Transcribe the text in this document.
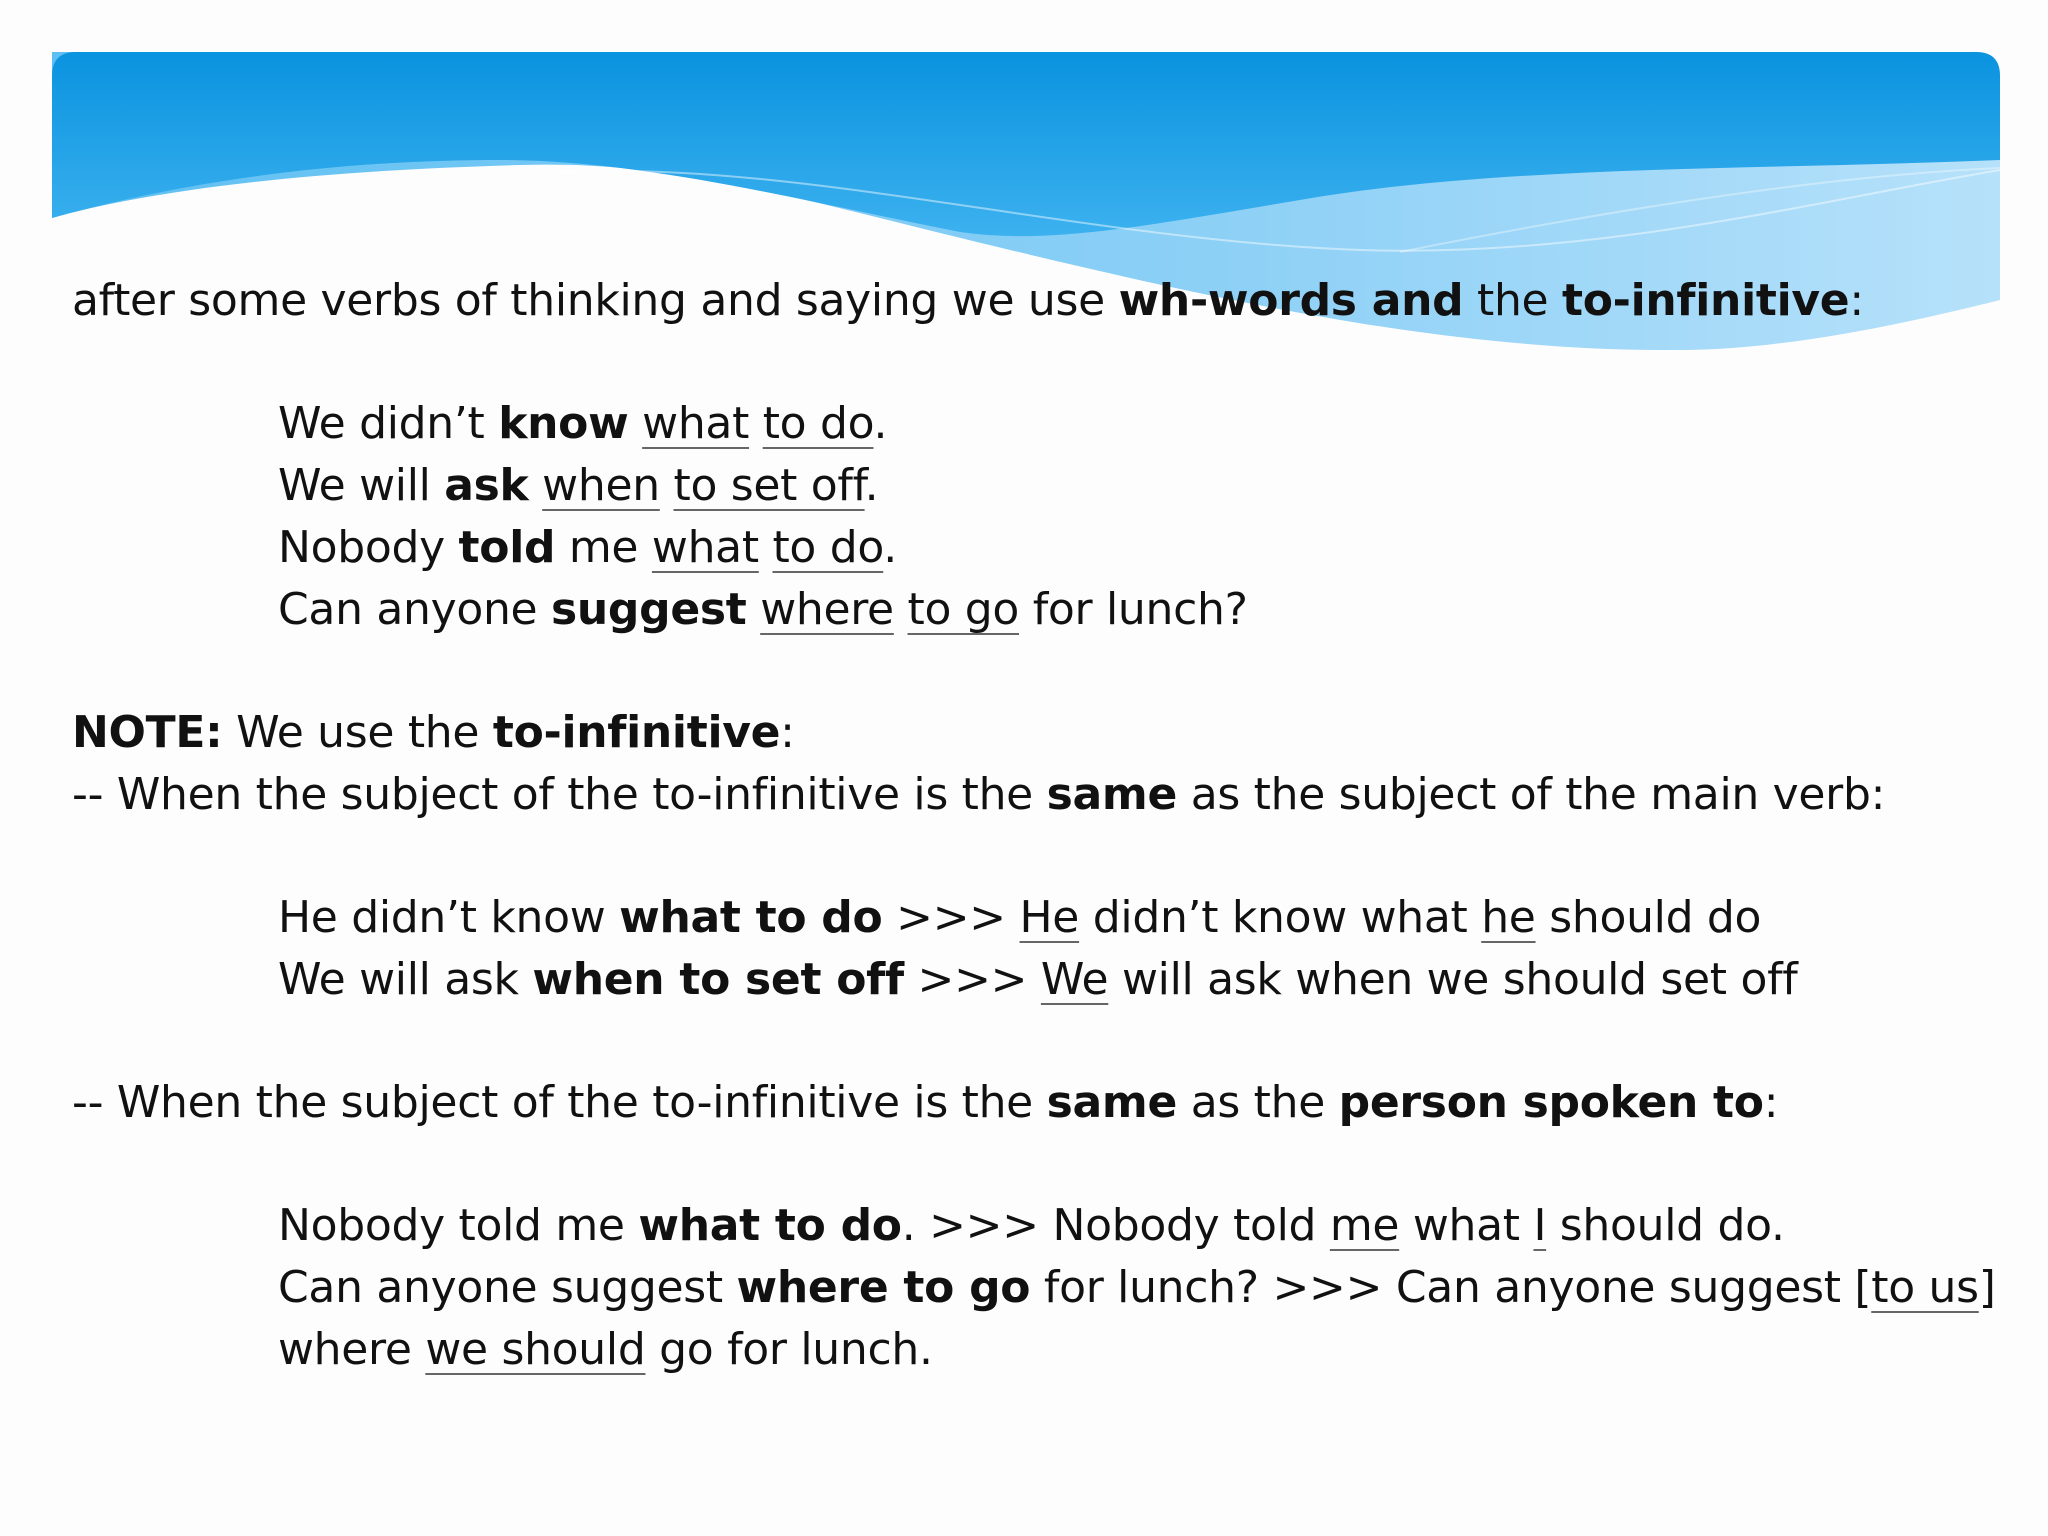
after some verbs of thinking and saying we use wh-words and the to-infinitive:
We didn’t know what to do.
We will ask when to set off.
Nobody told me what to do.
Can anyone suggest where to go for lunch?
NOTE: We use the to-infinitive:
-- When the subject of the to-infinitive is the same as the subject of the main verb:
He didn’t know what to do >>> He didn’t know what he should do
We will ask when to set off >>> We will ask when we should set off
-- When the subject of the to-infinitive is the same as the person spoken to:
Nobody told me what to do. >>> Nobody told me what I should do.
Can anyone suggest where to go for lunch? >>> Can anyone suggest [to us]
where we should go for lunch.
